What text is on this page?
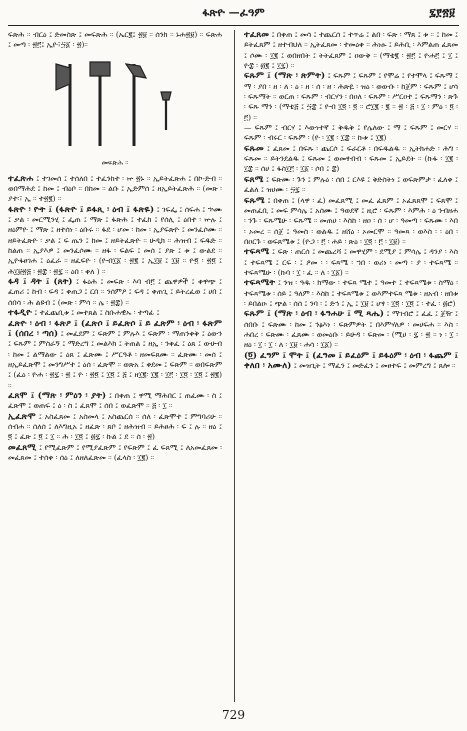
ፋጽዮ —ፈዓም	፯፻፳፱

ፍጽሕ ። ብርዕ ፤ ድመስጽ ፤ መፍጽሕ ። (ኤር፪፤ ፳፱ ። ሰንክ ። ኑሐ፳፱) ። ፍጽሐ ፤ መጣ ፡ ፳፫፤ ኢዮ፣፵፩ ፡ ፳)።

መፍጽሕ ።

ተፈጽሐ ፤ ተገመሰ ፤ ተሰለበ ፤ ተፈንከተ ፡ ኵ ፳ኑ ። ኢይትፈጽሐ ፤ በኮ-ድብ ። ወበማሕደ ፤ ከመ ፤ ብዕቦ ። በከመ ። ልቡ ፤ ኢድምሰ ፤ ዘኢይትፈጽሕ ። (መጽ ፡ ያተ፡፣ ኢ ። ተ፳፪) ።

ፋጽዮ ፡ ዮት ፤ (ፋጽዮ ፤ ይፋጺ ፡ ዕብ ፤ ፋጽዬ) ፤ ገፍፌ ፤ ሰፍሐ ፤ ኍሙ ፤ ቃል ፡ መርሚንሂ ፤ ፌጠ ፤ ማጽ ፤ ፋጽሕ ፤ ተፈከ ፤ የሰሊ ፤ ዕበተ ፡ ኵሉ ፤ ዘዕምዮ ፤ ማጽ ፤ ዘተሰነ ፡ ዕቡሩ ። ፋደ ፡ ሆመ ፡ ከመ ፡ ኢያፍጽዮ ፤ መንፈሶሙ ። ዘይትፈጽዮ ፡ ቃል ፤ ፍ ጤን ፤ ከመ ፤ ዘይትፈጽዮ ። ሁዲክ ። ሕዝብ ፤ ፍዱድ ። ከልጠ ። ኢያእዎ ፤ መንፈሶሙ ። ዘፋ ፡ ፍልፍ ፤ መሰ ፤ ያጽ ፤ ቱ ፤ ውልደ ። ኢዮፋፀገሐ ፤ ዕፈራ ። ዘፈፍዮ ፡ (ዮብ፲፩ ፡ ፳፪ ፤ ኢ፲፱ ፤ ፲፱ ። ዮ፬ ፡ ፳፬ ፤ ሕ፲፱፳፭ ፡ ፳፰ ፡ ፳፯ ። ዕበ ፡ ቀለ ) ።

ፋዳ ፤ ዳት ፤ (ጸት) ፤ ፋዕሕ ፤ መፍጽ ፡ እባ ብ፫ ፤ ጨዋዎች ፤ ቀዋጭ ፤ ፈጠሪ ፤ ከብ ፡ ፍዳ ፤ ቀጠጋ ፤ ርበ ። ንሰምዖ ፤ ፍዳ ፤ ቀጠጊ ፤ ይትረፈወ ፤ ሀበ ፤ ሰበሳ ፡ ሕ ልዩብ ፤ (መጽ ፡ ምሳ ። ሌ ፡ ፳፰) ።

ተፋዲዮ ፤ ተፈጨቢቱ ፤ መተጸል ፤ ስቡሐዊኡ ፡ ተጣፊ ፤

ፈጽዮ ፡ ዕብ ፡ ፋጽዖ ፤ (ፈጽሶ ፤ ይፈጽሶ ፤ ይ ፈጽም ፡ ዕብ ፡ ፋጽም ፤ (ሰበረ ፡ ጣሰ) ፤ መፈደም ፤ ፍጽም ፤ ምሉእ ፤ ፍጽም ፡ ማጠንቀቅ ፤ ዕውን ፤ ፍጹም ፤ ምስራኝ ፤ ማድረግ ፤ መልእክ ፤ ትጠል ፤ ዘኢ ፡ ንቀፈ ፤ ዕጸ ፤ ውሁብ ፡ ከመ ፤ ልማልው ፤ ዕጸ ፤ ፈጽሙ ፤ ሥርዓቶ ፡ ዘመፍጸሙ ። ፈጽሙ ፡ መሰ ፤ ዘኢይፈጽሞ ፤ መንግሥተ ፤ ዕሰ ፡ ፈጽሞ ። ወጽአ ፤ ቀደመ ፤ ፍጽም ። ወበፍጽም ፤ (ፈዕ ፡ ዮሐ ፡ ፳፯ ፡ ፳ ፤ ዮ ፡ ፳፬ ፤ ፲፬ ፤ ፭ ፤ ዘ፲፪፡ ፲፪ ፡ ፲፫ ፡ ፲፬ ፡ ፲፬ ፤ ፳፪) ።

ፈጸሞ ፤ (ማጽ ፡ ምዕን ፡ ያት) ፤ በቀጠ ፤ ዋሚ ማሕበር ፤ ጠፈሙ ፡ ስ ፤ ፈጽሞ ፤ ወጠፍ ፤ ዕ ፡ ስ ፤ ፈጸሞ ፤ ሰበ ፤ ወፈጽሞ ። ፭ ፡ ፲ ።

ኢፈጽሞ ፤ አስፈጸመ ፤ አስመላ ፤ አስጨርሰ ። ሰለ ፡ ፈጽሞተ ፤ ምግባሪሁ ። ሰብሐ ። ሰለሰ ፤ ለእግዚአ ፤ ዘፈጽ ፡ ጸቦ ፤ ዘሕዝብ ። ይሕፀሕ ፡ ፍ ፤ ሉ ። ዘዕ ፤ ፬ ፤ ፈጽ ፤ ፬ ፤ ፲ ። ሕ ፡ ፲፬ ፤ ፴፯ ፡ ኩል ፤ ደ ። ሰ ፡ ፳)

መፈጸሚ ፤ የሚፈጽም ፤ የሚያፈጽም ፤ የፍጽም ፤ ፈ ፍጸሚ ፤ ለአመፈጸመ ፡ መፈጸመ ፤ ተሰቀ ፡ ሰዕ ፤ ለዘለፈጽመ ። (ፈላስ ፡ ፲፪) ።

ተፈጸመ ፤ በቀጠ ፤ መሳ ፤ ተጨርሰ ፤ ተጥሬ ፤ ልበ ፡ ፍጽ ፡ ማጸ ፤ ቱ ። ፤ ከመ ፤ ይትፈጸም ፤ ዘተብህለ ። ኢትፈጸመ ፡ ተመዕቀ ። ሕነፁ ፤ ይሕቢ ፡ እምልጠ ፈጸመ ፤ ሶሙ ፡ ፲፪ ፤ ወበዘበት ፤ ትትፈጸም ፤ ዐውቅ ። (ማቴ፪ ፡ ፳፫ ፤ ዮሐ፫ ፤ ፲ ፤ ዮ፰ ፡ ፴፪ ፤ ፲፯) ።

ፍጹም ፤ (ማጽ ፡ ጽምት) ፤ ፍጹም ፤ ፍጹም ፤ የሞሬ ፤ የተሞላ ፤ ፍጹማ ፤ ማ ፡ ያበ ፡ ዘ ፡ ለ ፡ ዕ ፡ ዘ ፡ ሰ ፡ ዘ ፡ ሕጽዬ ፡ ዝዕ ፡ ወውቡ ፡ ከጀም ፡ ፍጹም ፤ ሆሳ ፡ ፍጹማት ። ወርጠ ፡ ፍጹም ፡ ብርሃን ፡ በዐለ ፡ ፍጹም ፡ ሥርዐተ ፤ ፍጹማን ፡ ጽጉ ፡ ፍጹ ማን ፡ (ማቴ፭ ፤ ፵፰ ፤ ዮብ ፲፬ ፡ ፬ ። ሮ፲፪ ፡ ፪ ። ፳ ፡ ፭ ፡ ፲ ፡ ምዕ ፡ ፬ ፡ ፫) ።

— ፍጹም ፤ ብርሃ ፤ እውነተኛ ፤ ቅዱቅ ፤ የሌለው ፤ ማ ፤ ፍጹም ፤ መርሃ ። ፍጹም ፡ ብሩር ፡ ፍጹም ፡ (ዮ ፡ ፲፪ ፡ ፲፰ ። ኩቱ ፤ ፲፪)

ፍጹመ ፤ ፈጸመ ፤ በፍጹ ፡ ጨርሶ ፤ ፍራርቶ ፡ በፍዱልዱ ። ኢትክሐድ ፡ ሕግ ፡ ፍጹመ ። ይትንደልዱ ፤ ፍጹመ ፤ ወመፃብብ ፡ ፍጹመ ፤ ኢይደት ። (ኩፋ ፡ ፲፪ ፡ ፲፰ ። ሰሀ ፤ ፋስ፲፫ ፡ ፲፩ ፡ ሶበ ፤ ፰)

ፍጸሜ ፤ ፍጽሙ ፡ ጉን ፤ ምሉዕ ፡ ሰበ ፤ ርእዩ ፤ ቅድስትነ ፤ ወፍጽምታ ፡ ፈለቀ ፤ ፈልለ ፤ ዝሀሙ ፡ ፵፯ ።

ፍጹሜ ፤ በቀጠ ፤ (ላዋ ፡ ፈ) መፈጸሚ ፤ መፈ ፈጸም ፤ ኦፈጸጸሞ ፤ ፍጸሞ ፤ መጠፈቢ ፤ መፍ ምሳሌ ፤ አሰሙ ፤ ዓወደኛ ፤ ዚሮ ፡ ፍጹም ፡ እምሕ ፡ ዕ ንብዘሐ ፡ ንጉ ፡ ፍጹሜሁ ፡ ፍጹሜ ። መጠሀ ፡ እስከ ፡ ዘዐ ፡ ሰ ፡ ሆ ፡ ዓመጣ ፡ ፍጹሙ ፡ እበ ፡ ኦመረ ። ሰጀ ፤ ዓመስ ፡ ወልዱ ፤ ዘሸዕ ፡ ኦመርሞ ። ዓመጻ ፡ ወእስ ፡ ፡ ዕበ ፡ በዐርጉ ፡ ወፍጸሜቱ ፤ (ዮጋ ፡ ፫ ፡ ሐይ ፡ ጽዕ ፡ ፲፬ ፡ ፫ ፡ ፲፱) ።

ተፍጻሜ ፤ ፍጽ ፡ ጠርሰ ፤ መጨረሻ ፤ መዋሂም ፡ ደሚያ ፤ ምሳሌ ፤ ዳንያ ፡ እስ ፤ ተፍጻሜ ፤ ርፍ ፡ ፤ ዖመ ፡ ፡ ፍጻሜ ፡ ኀበ ፡ ወሪነ ፡ መጣ ፡ ያ ፡ ተፍጻሜ ። ተፍጻሜሁ ፡ (ኩባ ፡ ፲ ፡ ፈ ። ለ ፡ ፲፩) ።

ተፍጻሜት ፤ ንዝ ፡ ዓዱ ፡ ክማው ፡ ተፍጻ ሜተ ፤ ዓመተ ፤ ተፍጻሜቱ ፡ ስማዕ ፡ ተፍጻሜቱ ፡ ሰይ ፤ ዓለም ፡ እስከ ፤ ተፍጻሜቱ ፤ ወእምተፍጻ ሜቱ ፡ ዘአብ ፡ ዘበቱ ፡ ይበልዑ ፤ ጭል ፡ ሰሰ ፤ ንባ ፡ ፤ ድኅ ፤ ኢ ፤ ፲፱ ፤ ሆፃ ፡ ፲፬ ፡ ፲፬ ፤ ፡ ተፈ ፡ ፴ሮ)

ፍጹም ፤ (ማጽ ፡ ዕብ ፡ ፋዓሐሁ ፤ ሚ ጻሔ) ፤ ማገብሮ ፤ ፈፈ ፤ ጀዥ ፤ ሰበቡ ፤ ፍጽሙ ፡ ከመ ፤ ንፅእነ ፡ ፍጽምዎት ፤ በእምሃለዎ ፡ መሀፍሐ ። እስ ፡ ሐበረ ፡ ፍጽሙ ፡ ፈጸሙ ፡ ወመዕቡ ፡ ይሁዳ ፡ ፍጽመ ፡ (ሚሀ ፡ ፯ ፡ ፳ ። ነ ፡ ፲ ፡ ዘዕ ፡ ፲ ፡ ፲ ፡ ለ ፡ ፲፱ ፡ ሐሳ ፡ ፲፩) ።

(፬) ፈዓም ፤ ሞት ፤ (ፈዓመ ፤ ይፈዕም ፤ ይፋዕም ፡ ዕብ ፡ ፋጨም ፤ ቀለበ ፡ አሙለ) ፤ መዝጊት ፤ ማፈን ፤ መድፈን ፤ መፀተፍ ፤ መምረግ ፤ ጸሎ ።

729
